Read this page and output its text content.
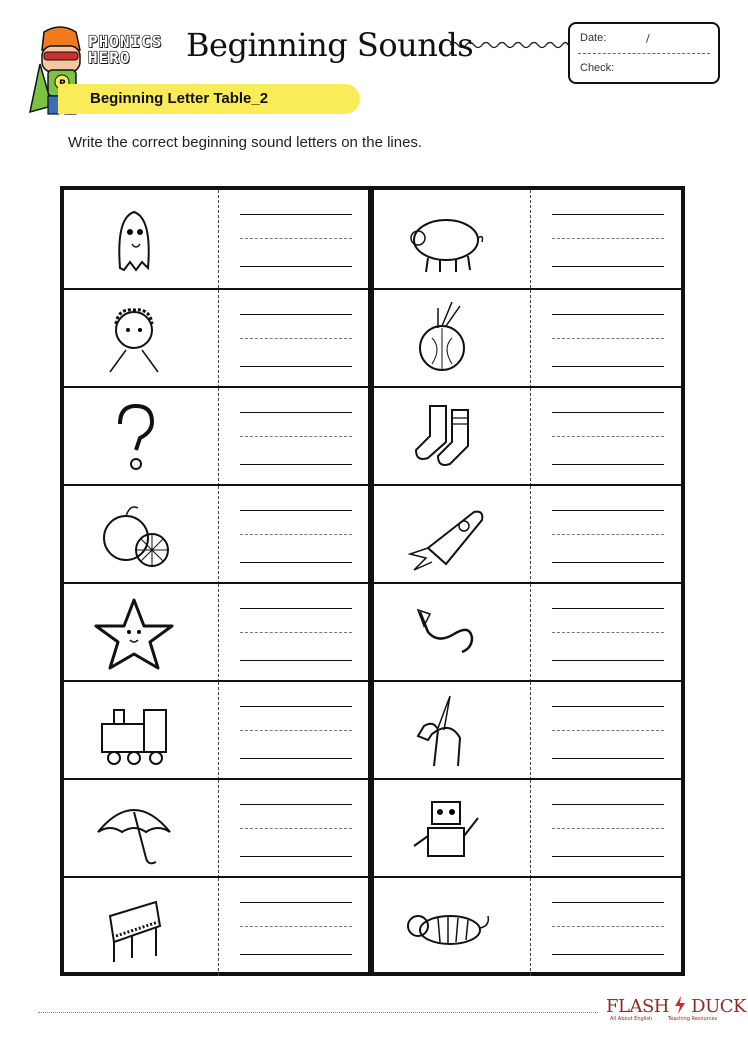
PHONICS
HERO	Beginning Sounds	Date:	/
Check:
Beginning Letter Table_2
Write the correct beginning sound letters on the lines.
FLASH DUCK
All About English	Teaching Resources
